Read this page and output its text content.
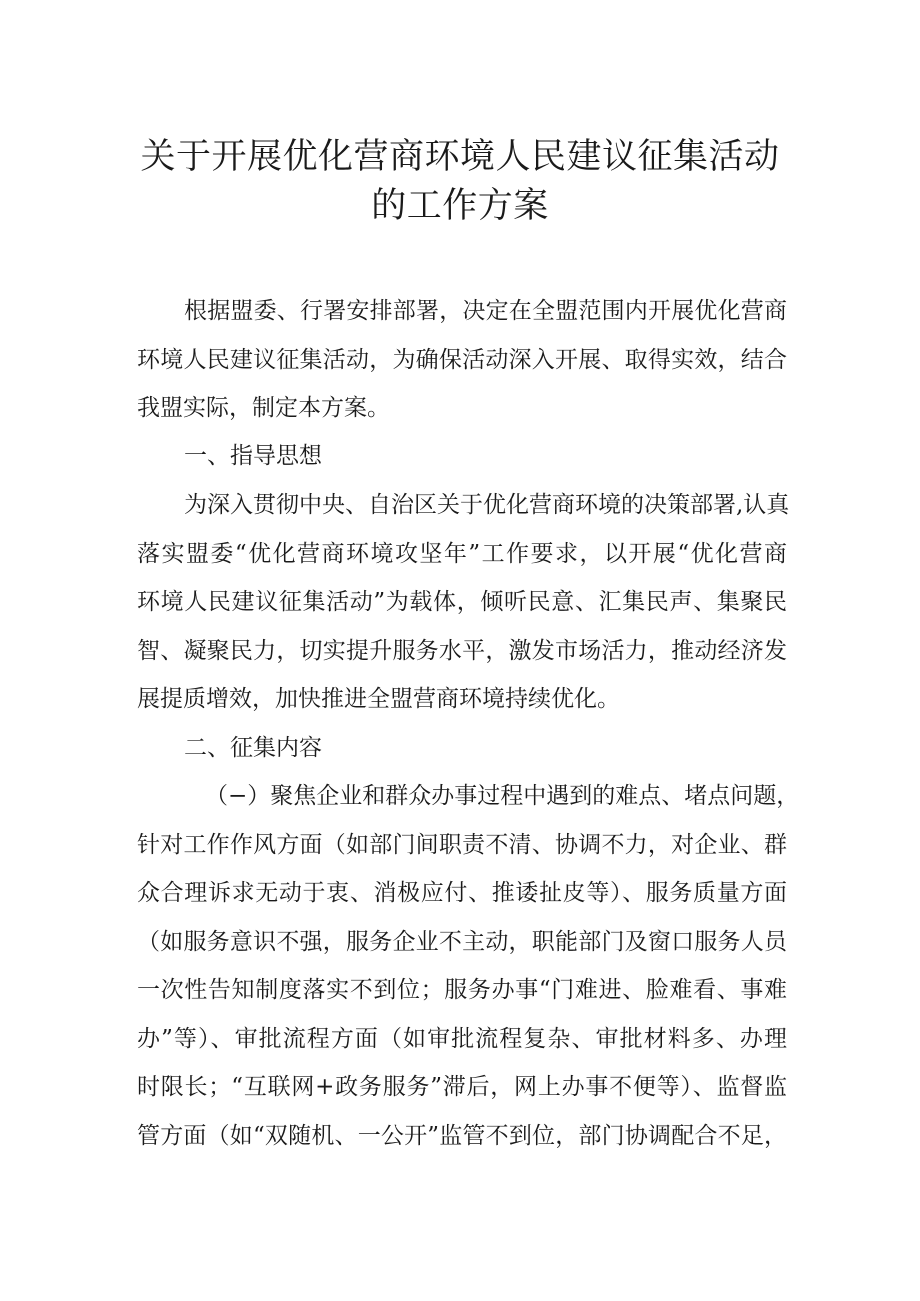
关于开展优化营商环境人民建议征集活动
的工作方案

根据盟委、行署安排部署，决定在全盟范围内开展优化营商

环境人民建议征集活动，为确保活动深入开展、取得实效，结合

我盟实际，制定本方案。

一、指导思想

为深入贯彻中央、自治区关于优化营商环境的决策部署,认真

落实盟委“优化营商环境攻坚年”工作要求，以开展“优化营商

环境人民建议征集活动”为载体，倾听民意、汇集民声、集聚民

智、凝聚民力，切实提升服务水平，激发市场活力，推动经济发

展提质增效，加快推进全盟营商环境持续优化。

二、征集内容

（−）聚焦企业和群众办事过程中遇到的难点、堵点问题，

针对工作作风方面（如部门间职责不清、协调不力，对企业、群

众合理诉求无动于衷、消极应付、推诿扯皮等）、服务质量方面

（如服务意识不强，服务企业不主动，职能部门及窗口服务人员

一次性告知制度落实不到位；服务办事“门难进、脸难看、事难

办”等）、审批流程方面（如审批流程复杂、审批材料多、办理

时限长；“互联网+政务服务”滞后，网上办事不便等）、监督监

管方面（如“双随机、一公开”监管不到位，部门协调配合不足，
